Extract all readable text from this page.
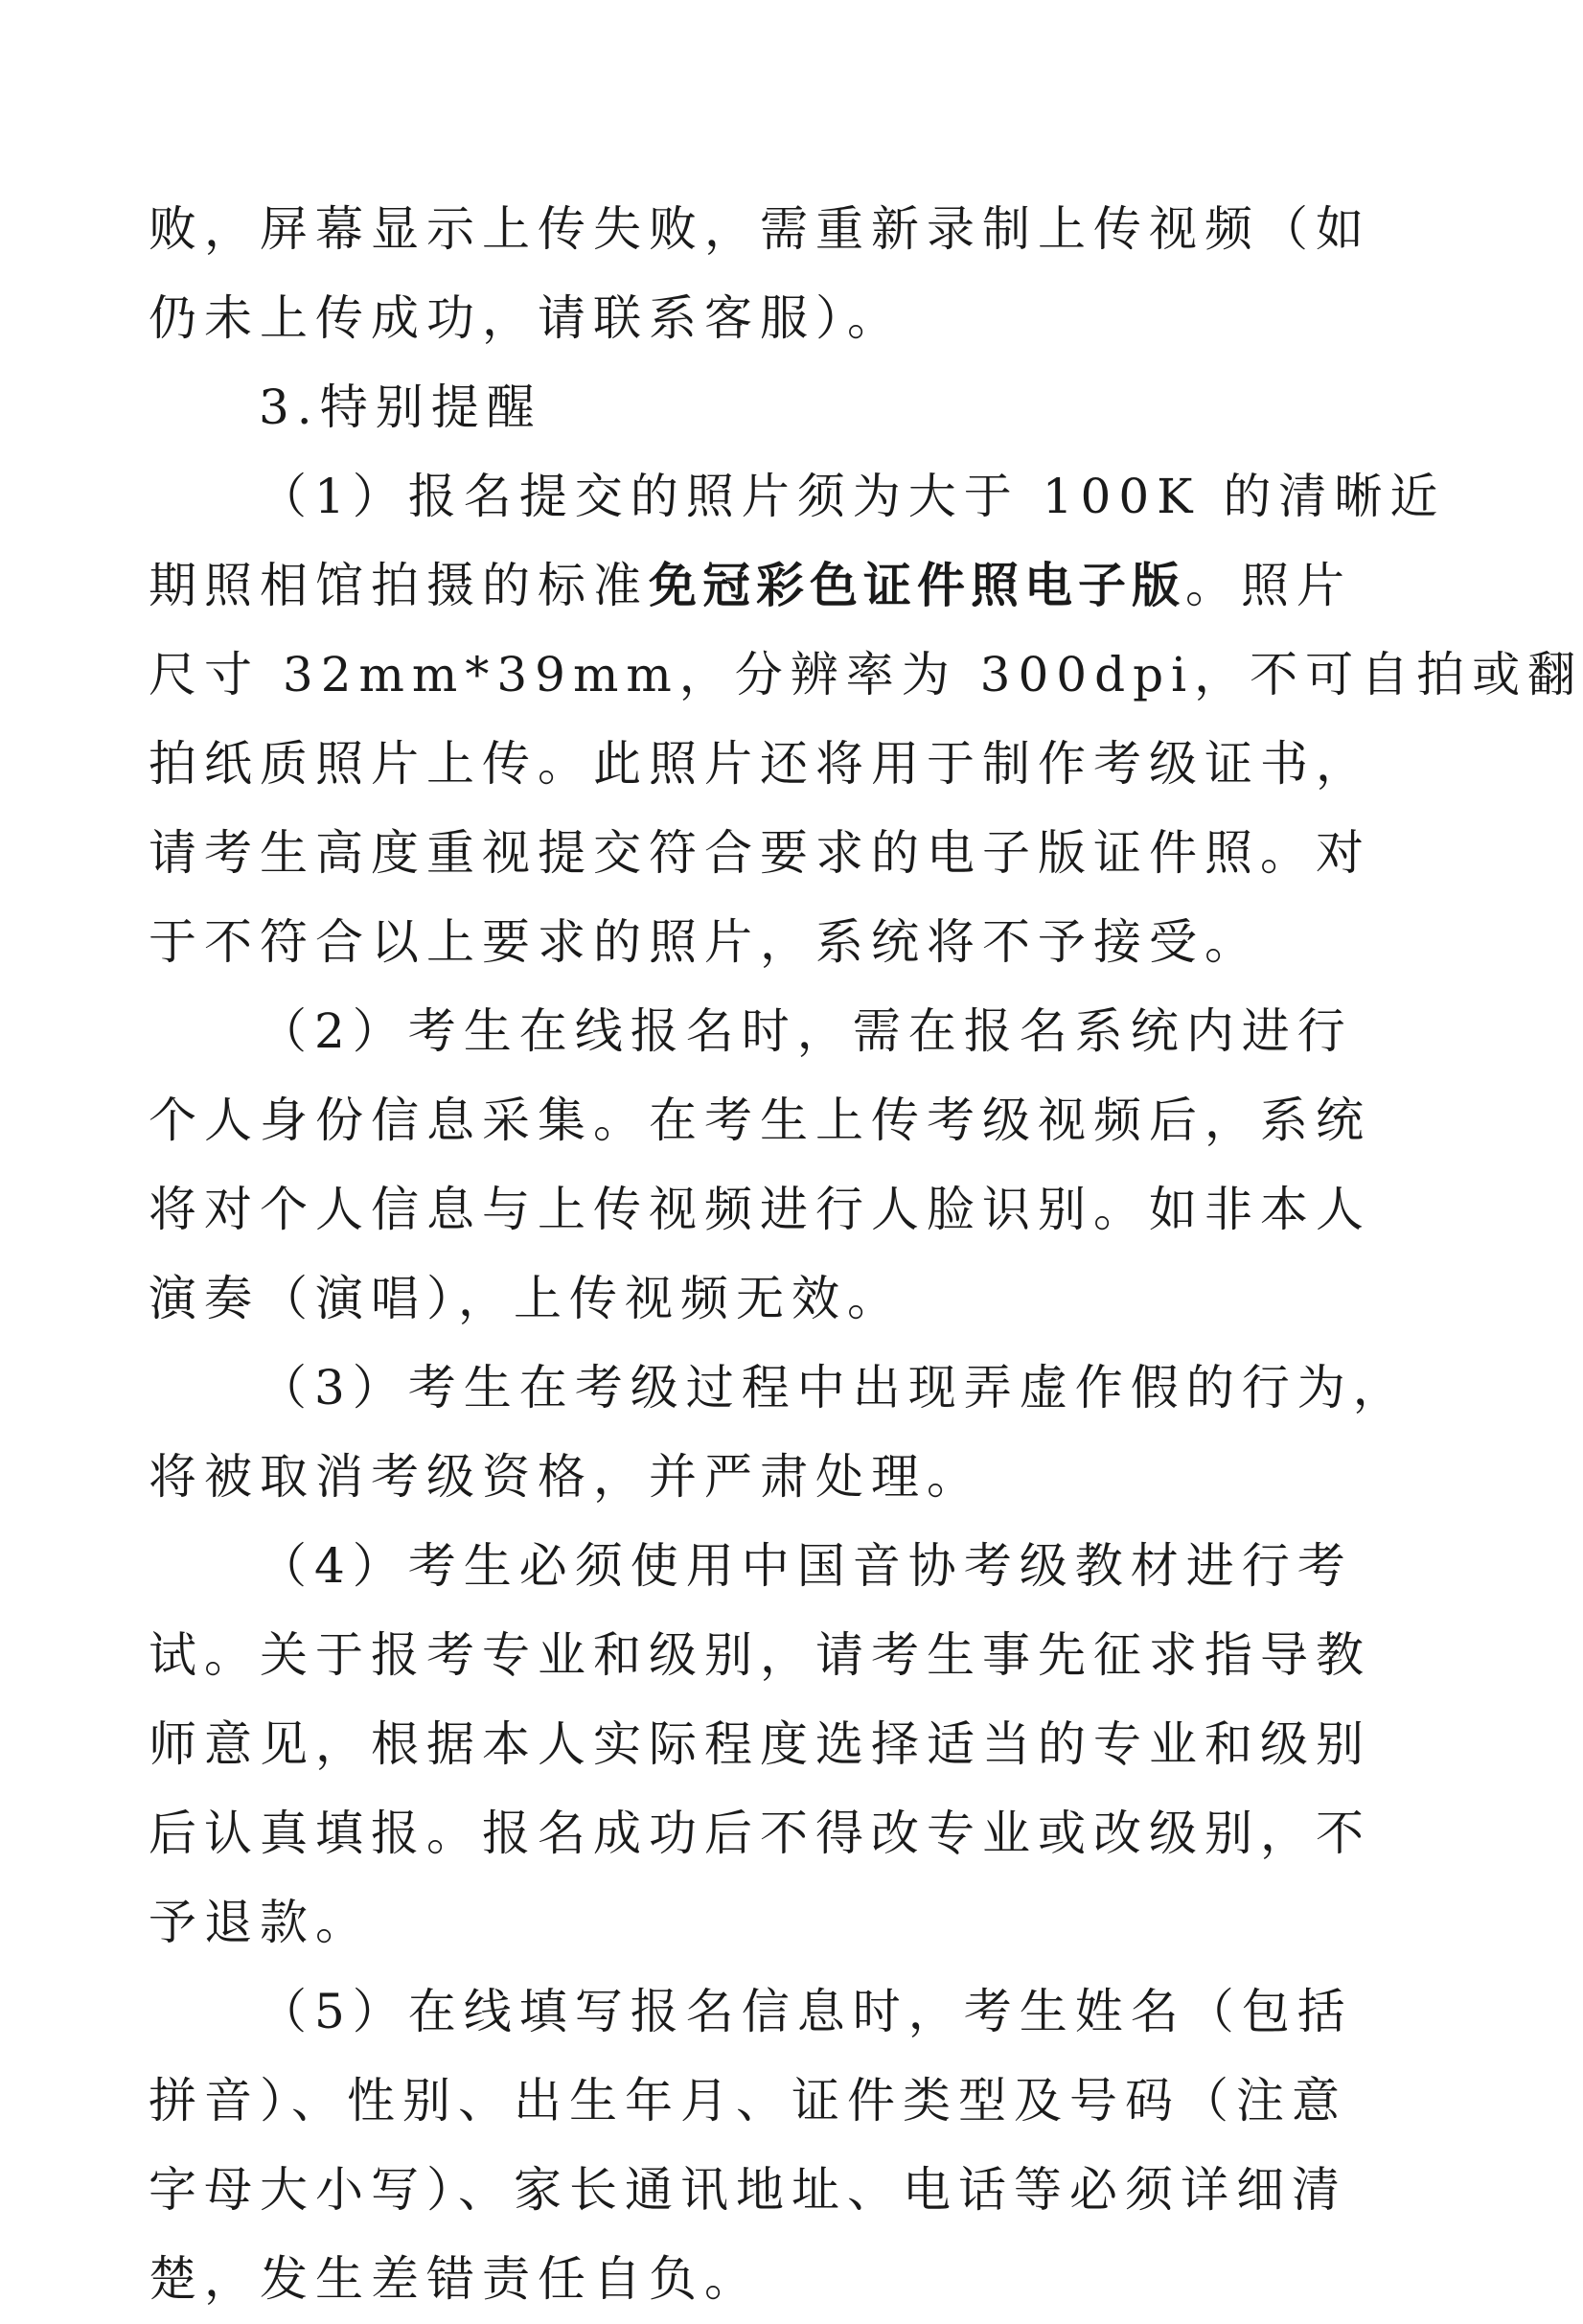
败，屏幕显示上传失败，需重新录制上传视频（如
仍未上传成功，请联系客服）。
3.特别提醒
（1）报名提交的照片须为大于 100K 的清晰近
期照相馆拍摄的标准免冠彩色证件照电子版。照片
尺寸 32mm*39mm，分辨率为 300dpi，不可自拍或翻
拍纸质照片上传。此照片还将用于制作考级证书，
请考生高度重视提交符合要求的电子版证件照。对
于不符合以上要求的照片，系统将不予接受。
（2）考生在线报名时，需在报名系统内进行
个人身份信息采集。在考生上传考级视频后，系统
将对个人信息与上传视频进行人脸识别。如非本人
演奏（演唱），上传视频无效。
（3）考生在考级过程中出现弄虚作假的行为，
将被取消考级资格，并严肃处理。
（4）考生必须使用中国音协考级教材进行考
试。关于报考专业和级别，请考生事先征求指导教
师意见，根据本人实际程度选择适当的专业和级别
后认真填报。报名成功后不得改专业或改级别，不
予退款。
（5）在线填写报名信息时，考生姓名（包括
拼音）、性别、出生年月、证件类型及号码（注意
字母大小写）、家长通讯地址、电话等必须详细清
楚，发生差错责任自负。
